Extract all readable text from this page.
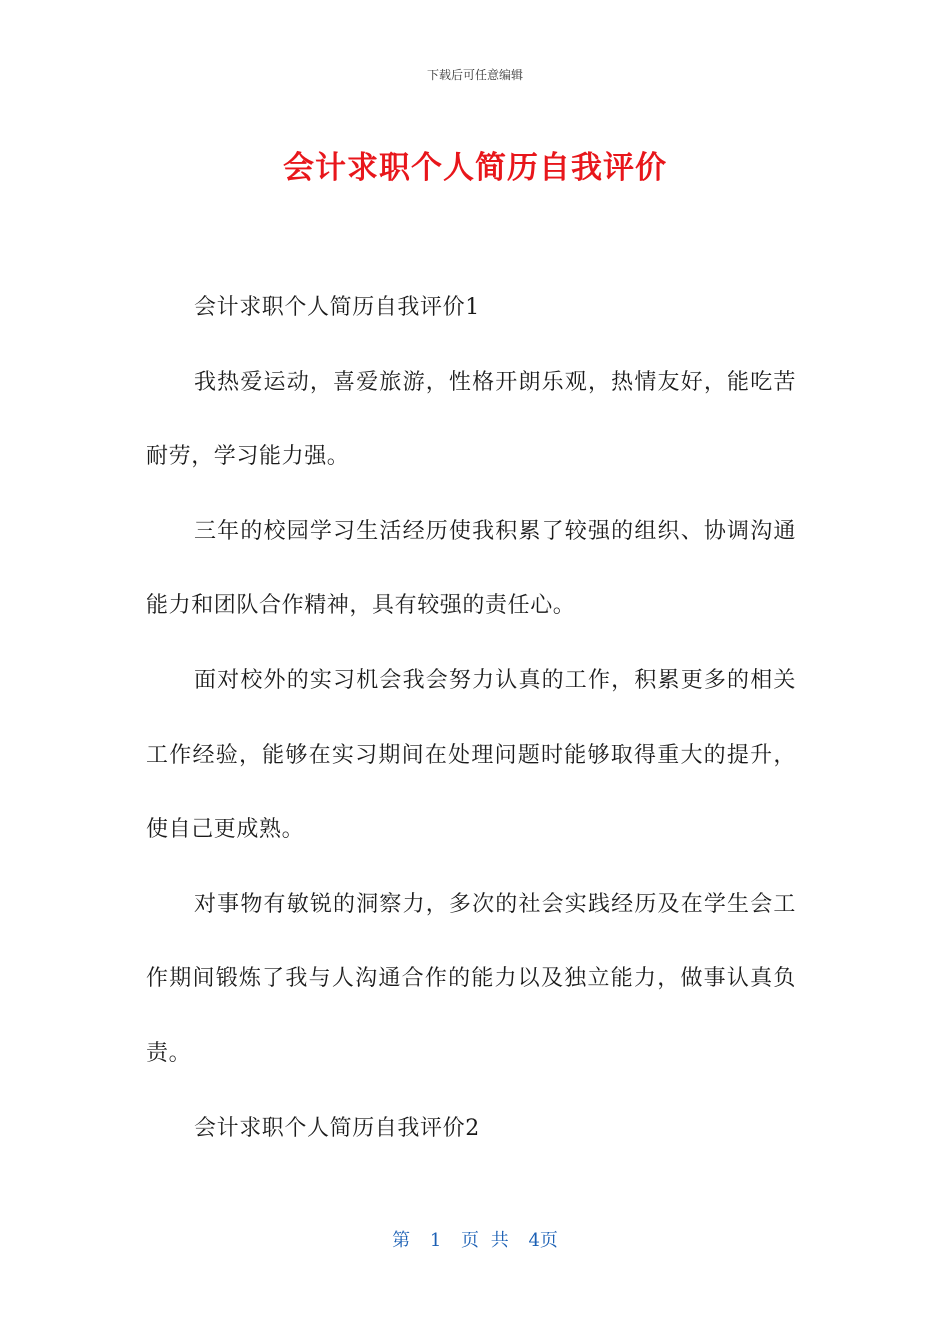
下载后可任意编辑
会计求职个人简历自我评价

会计求职个人简历自我评价1

我热爱运动，喜爱旅游，性格开朗乐观，热情友好，能吃苦耐劳，学习能力强。

三年的校园学习生活经历使我积累了较强的组织、协调沟通能力和团队合作精神，具有较强的责任心。

面对校外的实习机会我会努力认真的工作，积累更多的相关工作经验，能够在实习期间在处理问题时能够取得重大的提升，使自己更成熟。

对事物有敏锐的洞察力，多次的社会实践经历及在学生会工作期间锻炼了我与人沟通合作的能力以及独立能力，做事认真负责。

会计求职个人简历自我评价2

第 1 页 共 4页
